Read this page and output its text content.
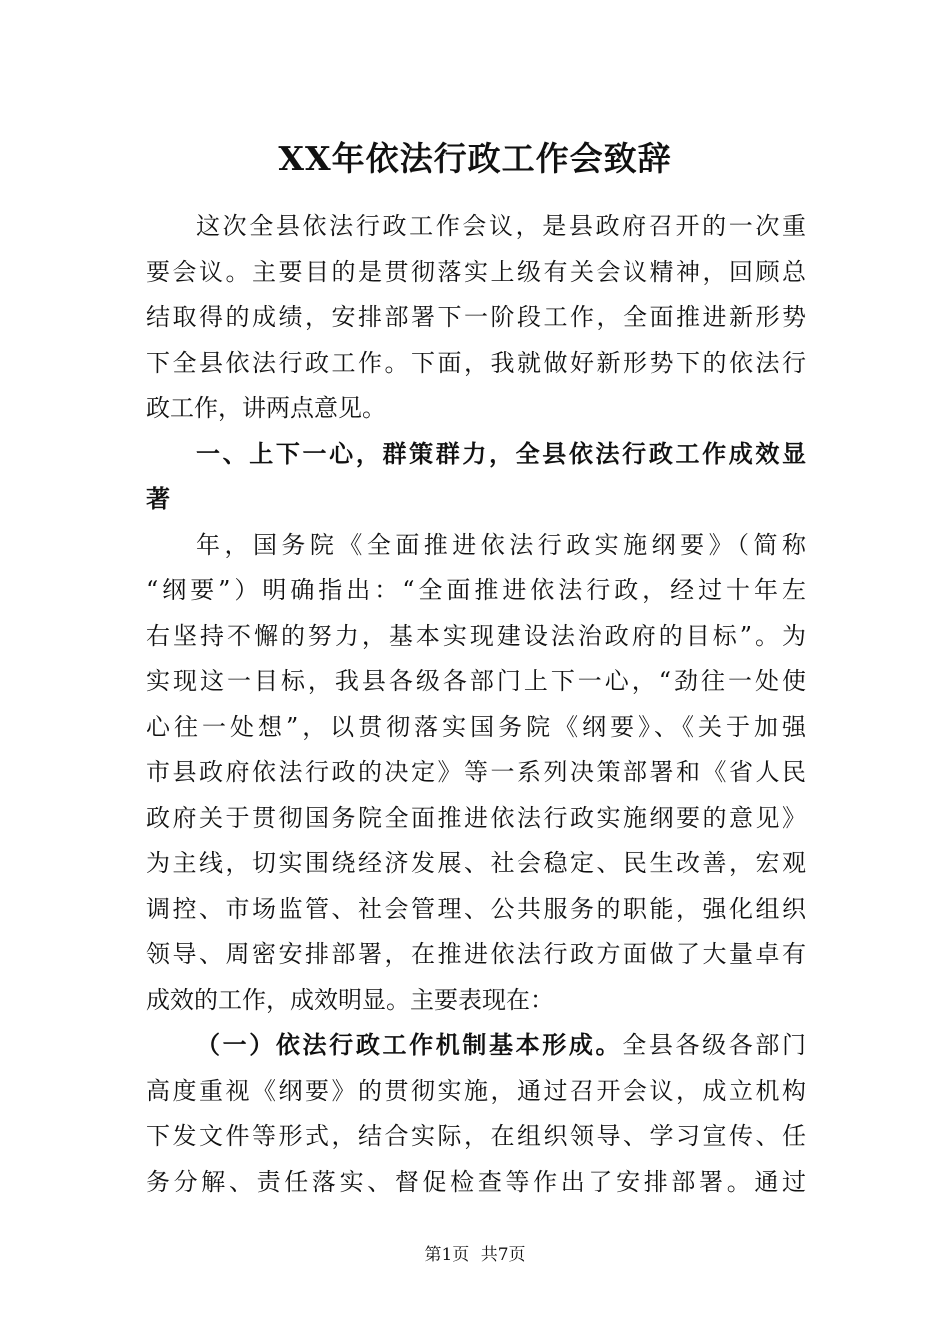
XX年依法行政工作会致辞
这次全县依法行政工作会议，是县政府召开的一次重
要会议。主要目的是贯彻落实上级有关会议精神，回顾总
结取得的成绩，安排部署下一阶段工作，全面推进新形势
下全县依法行政工作。下面，我就做好新形势下的依法行
政工作，讲两点意见。
一、上下一心，群策群力，全县依法行政工作成效显
著
年，国务院《全面推进依法行政实施纲要》（简称
“纲要”）明确指出：“全面推进依法行政，经过十年左
右坚持不懈的努力，基本实现建设法治政府的目标”。为
实现这一目标，我县各级各部门上下一心，“劲往一处使
心往一处想”，以贯彻落实国务院《纲要》、《关于加强
市县政府依法行政的决定》等一系列决策部署和《省人民
政府关于贯彻国务院全面推进依法行政实施纲要的意见》
为主线，切实围绕经济发展、社会稳定、民生改善，宏观
调控、市场监管、社会管理、公共服务的职能，强化组织
领导、周密安排部署，在推进依法行政方面做了大量卓有
成效的工作，成效明显。主要表现在：
（一）依法行政工作机制基本形成。全县各级各部门
高度重视《纲要》的贯彻实施，通过召开会议，成立机构
下发文件等形式，结合实际，在组织领导、学习宣传、任
务分解、责任落实、督促检查等作出了安排部署。通过
第1页 共7页
